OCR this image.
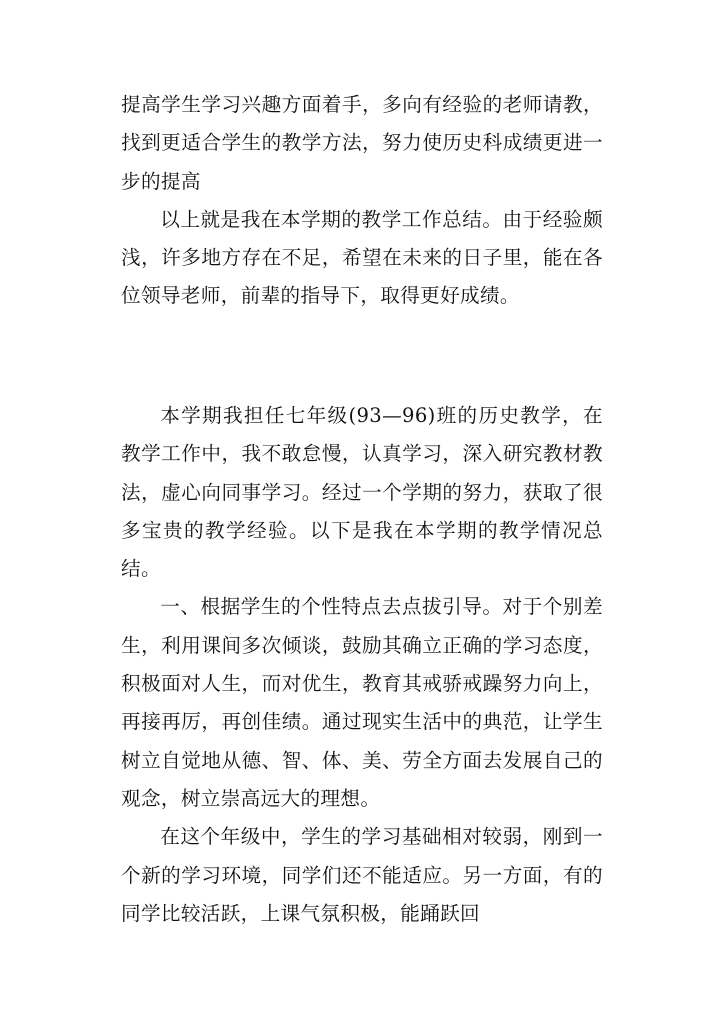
提高学生学习兴趣方面着手，多向有经验的老师请教，找到更适合学生的教学方法，努力使历史科成绩更进一步的提高

以上就是我在本学期的教学工作总结。由于经验颇浅，许多地方存在不足，希望在未来的日子里，能在各位领导老师，前辈的指导下，取得更好成绩。

本学期我担任七年级(93—96)班的历史教学，在教学工作中，我不敢怠慢，认真学习，深入研究教材教法，虚心向同事学习。经过一个学期的努力，获取了很多宝贵的教学经验。以下是我在本学期的教学情况总结。

一、根据学生的个性特点去点拔引导。对于个别差生，利用课间多次倾谈，鼓励其确立正确的学习态度，积极面对人生，而对优生，教育其戒骄戒躁努力向上，再接再厉，再创佳绩。通过现实生活中的典范，让学生树立自觉地从德、智、体、美、劳全方面去发展自己的观念，树立崇高远大的理想。

在这个年级中，学生的学习基础相对较弱，刚到一个新的学习环境，同学们还不能适应。另一方面，有的同学比较活跃，上课气氛积极，能踊跃回
